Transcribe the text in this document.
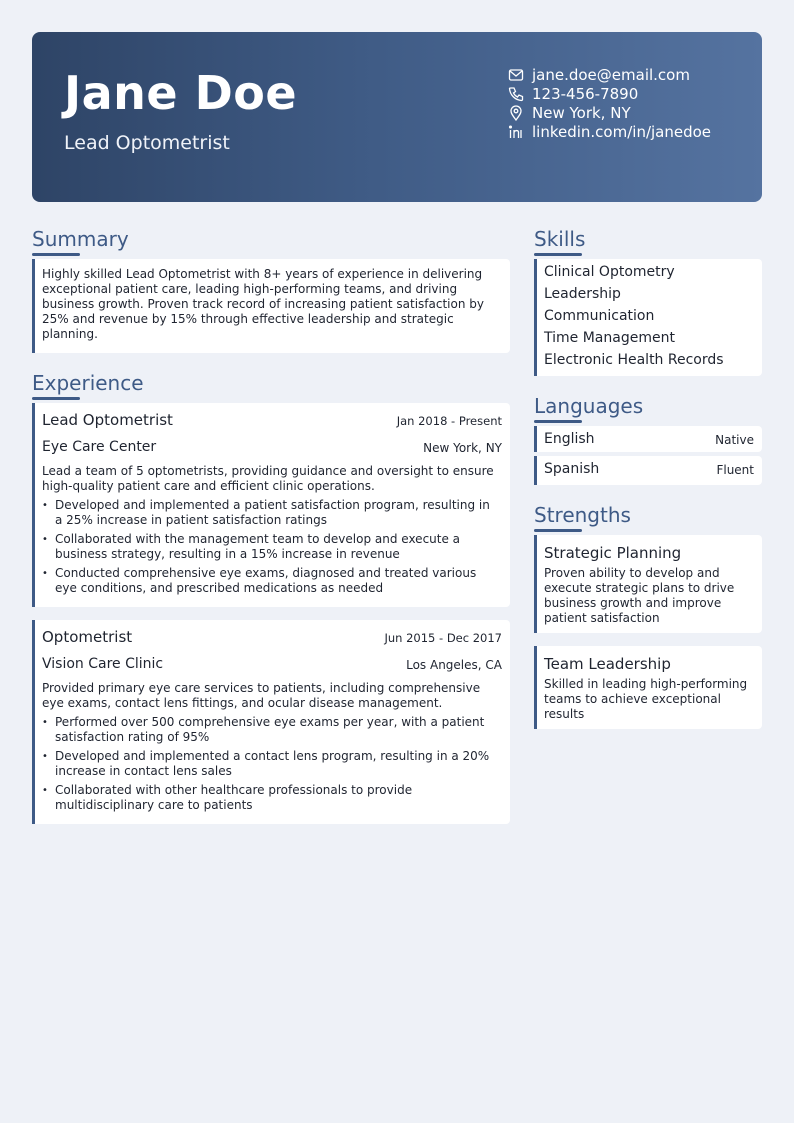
Jane Doe
Lead Optometrist
jane.doe@email.com
123-456-7890
New York, NY
linkedin.com/in/janedoe
Summary
Highly skilled Lead Optometrist with 8+ years of experience in delivering exceptional patient care, leading high-performing teams, and driving business growth. Proven track record of increasing patient satisfaction by 25% and revenue by 15% through effective leadership and strategic planning.
Experience
Lead Optometrist	Jan 2018 - Present
Eye Care Center	New York, NY
Lead a team of 5 optometrists, providing guidance and oversight to ensure high-quality patient care and efficient clinic operations.
• Developed and implemented a patient satisfaction program, resulting in a 25% increase in patient satisfaction ratings
• Collaborated with the management team to develop and execute a business strategy, resulting in a 15% increase in revenue
• Conducted comprehensive eye exams, diagnosed and treated various eye conditions, and prescribed medications as needed
Optometrist	Jun 2015 - Dec 2017
Vision Care Clinic	Los Angeles, CA
Provided primary eye care services to patients, including comprehensive eye exams, contact lens fittings, and ocular disease management.
• Performed over 500 comprehensive eye exams per year, with a patient satisfaction rating of 95%
• Developed and implemented a contact lens program, resulting in a 20% increase in contact lens sales
• Collaborated with other healthcare professionals to provide multidisciplinary care to patients
Skills
Clinical Optometry
Leadership
Communication
Time Management
Electronic Health Records
Languages
English	Native
Spanish	Fluent
Strengths
Strategic Planning
Proven ability to develop and execute strategic plans to drive business growth and improve patient satisfaction
Team Leadership
Skilled in leading high-performing teams to achieve exceptional results
